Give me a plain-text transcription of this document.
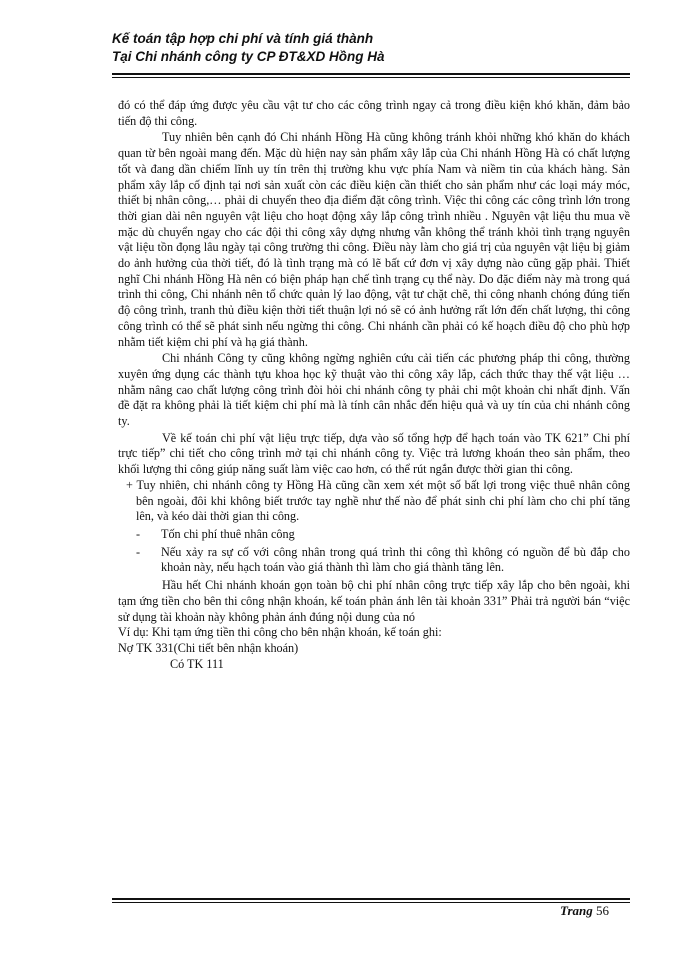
Kế toán tập hợp chi phí và tính giá thành
Tại Chi nhánh công ty CP ĐT&XD Hồng Hà

đó có thể đáp ứng được yêu cầu vật tư cho các công trình ngay cả trong điều kiện khó khăn, đảm bảo tiến độ thi công.

Tuy nhiên bên cạnh đó Chi nhánh Hồng Hà cũng không tránh khỏi những khó khăn do khách quan từ bên ngoài mang đến. Mặc dù hiện nay sản phẩm xây lắp của Chi nhánh Hồng Hà có chất lượng tốt và đang dần chiếm lĩnh uy tín trên thị trường khu vực phía Nam và niềm tin của khách hàng. Sản phẩm xây lắp cố định tại nơi sản xuất còn các điều kiện cần thiết cho sản phẩm như các loại máy móc, thiết bị nhân công,… phải di chuyển theo địa điểm đặt công trình. Việc thi công các công trình lớn trong thời gian dài nên nguyên vật liệu cho hoạt động xây lắp công trình nhiều . Nguyên vật liệu thu mua về mặc dù chuyển ngay cho các đội thi công xây dựng nhưng vẫn không thể tránh khỏi tình trạng nguyên vật liệu tồn đọng lâu ngày tại công trường thi công. Điều này làm cho giá trị của nguyên vật liệu bị giảm do ảnh hưởng của thời tiết, đó là tình trạng mà có lẽ bất cứ đơn vị xây dựng nào cũng gặp phải. Thiết nghĩ Chi nhánh Hồng Hà nên có biện pháp hạn chế tình trạng cụ thể này. Do đặc điểm này mà trong quá trình thi công, Chi nhánh nên tổ chức quản lý lao động, vật tư chặt chẽ, thi công nhanh chóng đúng tiến độ công trình, tranh thủ điều kiện thời tiết thuận lợi nó sẽ có ảnh hưởng rất lớn đến chất lượng, thi công công trình có thể sẽ phát sinh nếu ngừng thi công. Chi nhánh cần phải có kế hoạch điều độ cho phù hợp nhằm tiết kiệm chi phí và hạ giá thành.

Chi nhánh Công ty cũng không ngừng nghiên cứu cải tiến các phương pháp thi công, thường xuyên ứng dụng các thành tựu khoa học kỹ thuật vào thi công xây lắp, cách thức thay thế vật liệu … nhằm nâng cao chất lượng công trình đòi hỏi chi nhánh công ty phải chi một khoản chi nhất định. Vấn đề đặt ra không phải là tiết kiệm chi phí mà là tính cân nhắc đến hiệu quả và uy tín của chi nhánh công ty.

Về kế toán chi phí vật liệu trực tiếp, dựa vào số tổng hợp để hạch toán vào TK 621” Chi phí trực tiếp” chi tiết cho công trình mở tại chi nhánh công ty. Việc trả lương khoán theo sản phẩm, theo khối lượng thi công giúp năng suất làm việc cao hơn, có thể rút ngắn được thời gian thi công.

+ Tuy nhiên, chi nhánh công ty Hồng Hà cũng cần xem xét một số bất lợi trong việc thuê nhân công bên ngoài, đôi khi không biết trước tay nghề như thế nào để phát sinh chi phí làm cho chi phí tăng lên, và kéo dài thời gian thi công.

- Tốn chi phí thuê nhân công

- Nếu xảy ra sự cố với công nhân trong quá trình thi công thì không có nguồn để bù đắp cho khoản này, nếu hạch toán vào giá thành thì làm cho giá thành tăng lên.

Hầu hết Chi nhánh khoán gọn toàn bộ chi phí nhân công trực tiếp xây lắp cho bên ngoài, khi tạm ứng tiền cho bên thi công nhận khoán, kế toán phản ánh lên tài khoản 331” Phải trả người bán “việc sử dụng tài khoản này không phản ánh đúng nội dung của nó

Ví dụ: Khi tạm ứng tiền thi công cho bên nhận khoán, kế toán ghi:

Nợ TK 331(Chi tiết bên nhận khoán)

Có TK 111

Trang 56
